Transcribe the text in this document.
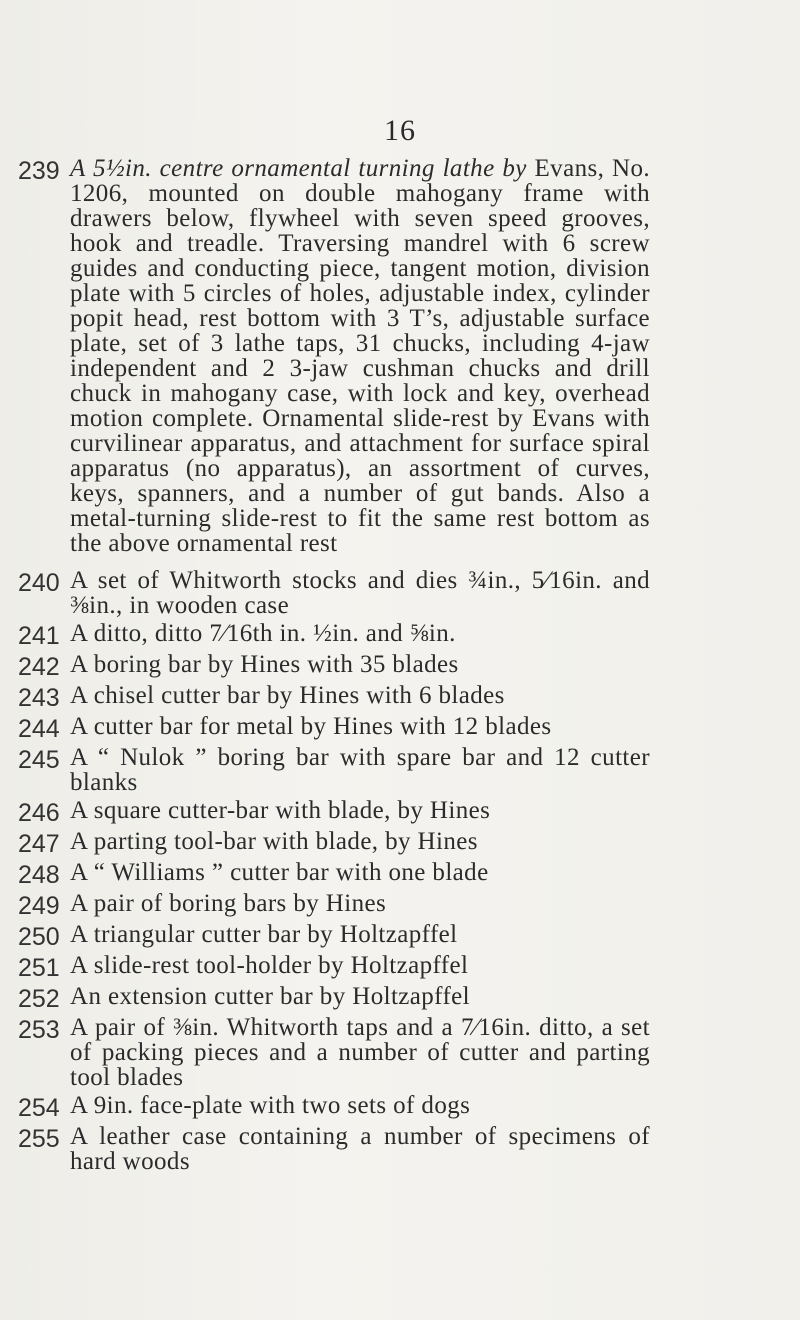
16
239 A 5½in. centre ornamental turning lathe by Evans, No. 1206, mounted on double mahogany frame with drawers below, flywheel with seven speed grooves, hook and treadle. Traversing mandrel with 6 screw guides and conducting piece, tangent motion, division plate with 5 circles of holes, adjustable index, cylinder popit head, rest bottom with 3 T’s, adjustable surface plate, set of 3 lathe taps, 31 chucks, including 4-jaw independent and 2 3-jaw cushman chucks and drill chuck in mahogany case, with lock and key, overhead motion complete. Ornamental slide-rest by Evans with curvilinear apparatus, and attachment for surface spiral apparatus (no apparatus), an assortment of curves, keys, spanners, and a number of gut bands. Also a metal-turning slide-rest to fit the same rest bottom as the above ornamental rest
240 A set of Whitworth stocks and dies ¾in., 5⁄16in. and ⅜in., in wooden case
241 A ditto, ditto 7⁄16th in. ½in. and ⅝in.
242 A boring bar by Hines with 35 blades
243 A chisel cutter bar by Hines with 6 blades
244 A cutter bar for metal by Hines with 12 blades
245 A “ Nulok ” boring bar with spare bar and 12 cutter blanks
246 A square cutter-bar with blade, by Hines
247 A parting tool-bar with blade, by Hines
248 A “ Williams ” cutter bar with one blade
249 A pair of boring bars by Hines
250 A triangular cutter bar by Holtzapffel
251 A slide-rest tool-holder by Holtzapffel
252 An extension cutter bar by Holtzapffel
253 A pair of ⅜in. Whitworth taps and a 7⁄16in. ditto, a set of packing pieces and a number of cutter and parting tool blades
254 A 9in. face-plate with two sets of dogs
255 A leather case containing a number of specimens of hard woods
